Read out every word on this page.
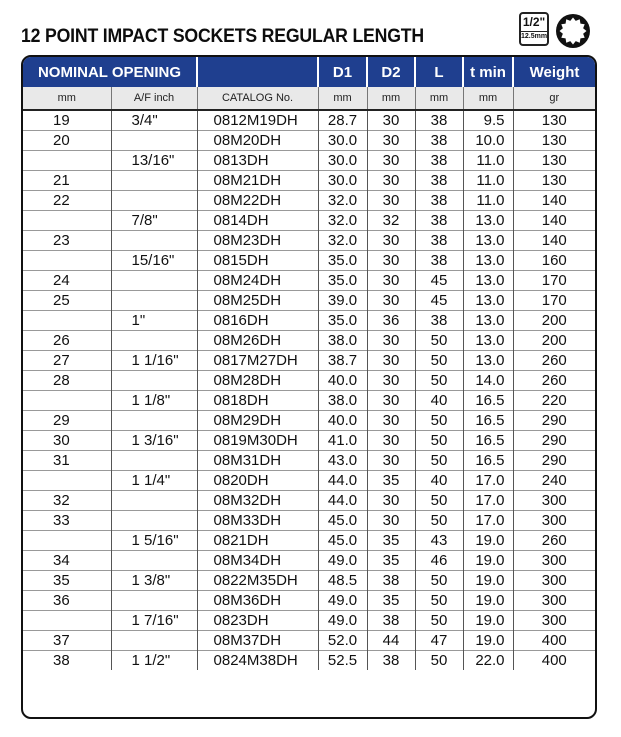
12 POINT IMPACT SOCKETS REGULAR LENGTH
1/2"
12.5mm
NOMINAL OPENING			D1	D2	L	t min	Weight
mm	A/F inch	CATALOG No.	mm	mm	mm	mm	gr
19	3/4"	0812M19DH	28.7	30	38	9.5	130
20		08M20DH	30.0	30	38	10.0	130
	13/16"	0813DH	30.0	30	38	11.0	130
21		08M21DH	30.0	30	38	11.0	130
22		08M22DH	32.0	30	38	11.0	140
	7/8"	0814DH	32.0	32	38	13.0	140
23		08M23DH	32.0	30	38	13.0	140
	15/16"	0815DH	35.0	30	38	13.0	160
24		08M24DH	35.0	30	45	13.0	170
25		08M25DH	39.0	30	45	13.0	170
	1"	0816DH	35.0	36	38	13.0	200
26		08M26DH	38.0	30	50	13.0	200
27	1 1/16"	0817M27DH	38.7	30	50	13.0	260
28		08M28DH	40.0	30	50	14.0	260
	1 1/8"	0818DH	38.0	30	40	16.5	220
29		08M29DH	40.0	30	50	16.5	290
30	1 3/16"	0819M30DH	41.0	30	50	16.5	290
31		08M31DH	43.0	30	50	16.5	290
	1 1/4"	0820DH	44.0	35	40	17.0	240
32		08M32DH	44.0	30	50	17.0	300
33		08M33DH	45.0	30	50	17.0	300
	1 5/16"	0821DH	45.0	35	43	19.0	260
34		08M34DH	49.0	35	46	19.0	300
35	1 3/8"	0822M35DH	48.5	38	50	19.0	300
36		08M36DH	49.0	35	50	19.0	300
	1 7/16"	0823DH	49.0	38	50	19.0	300
37		08M37DH	52.0	44	47	19.0	400
38	1 1/2"	0824M38DH	52.5	38	50	22.0	400
